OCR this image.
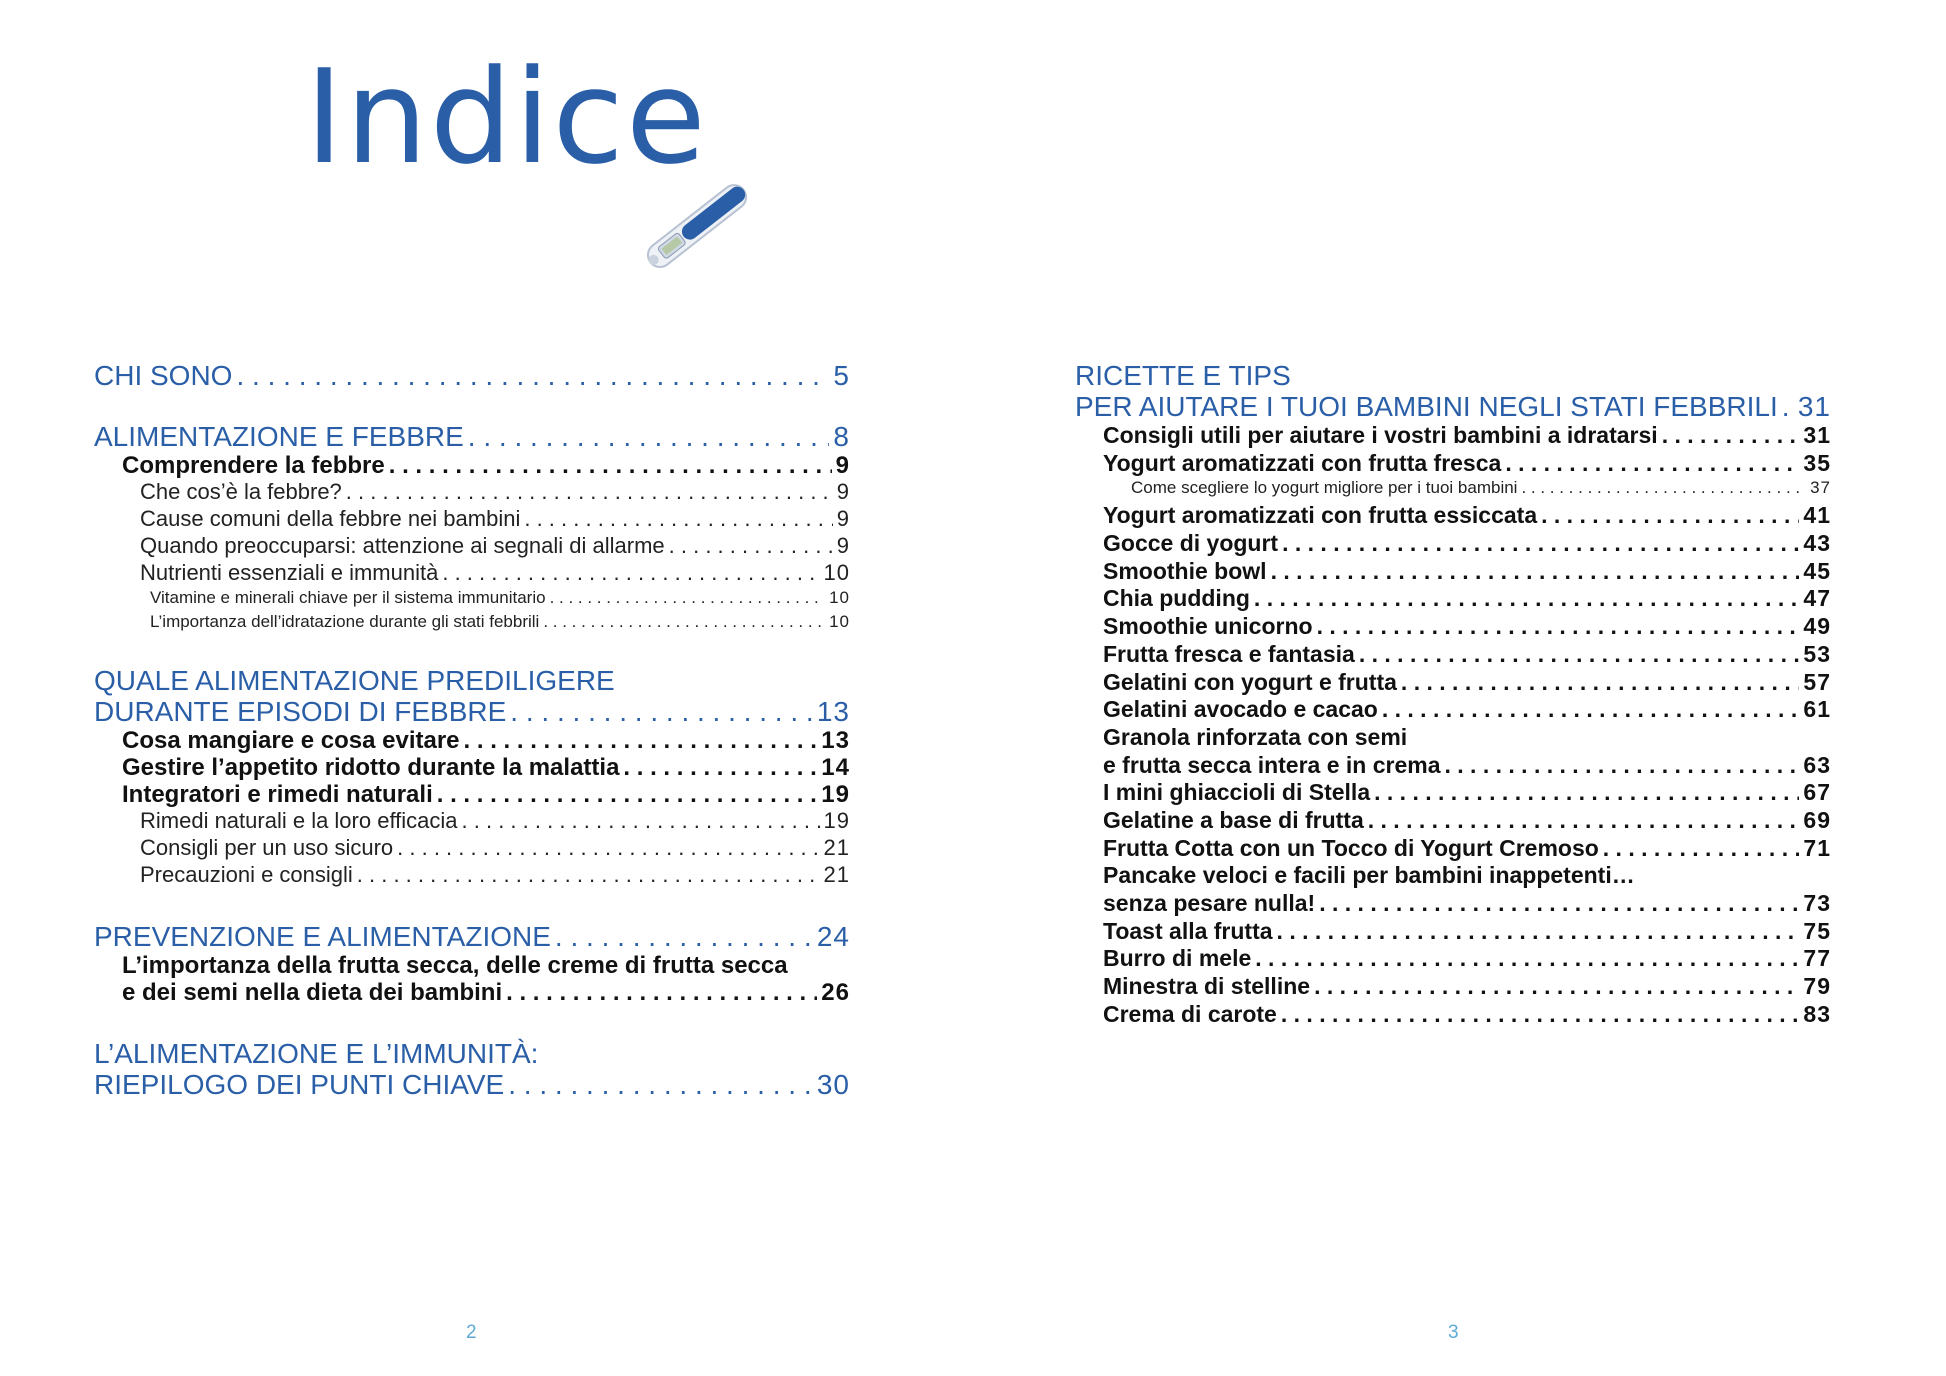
Indice
CHI SONO . . .	5
ALIMENTAZIONE E FEBBRE . . .	8
Comprendere la febbre . . .	9
Che cos’è la febbre? . . .	9
Cause comuni della febbre nei bambini . . .	9
Quando preoccuparsi: attenzione ai segnali di allarme . . .	9
Nutrienti essenziali e immunità . . .	10
Vitamine e minerali chiave per il sistema immunitario . . .	10
L’importanza dell’idratazione durante gli stati febbrili . . .	10
QUALE ALIMENTAZIONE PREDILIGERE
DURANTE EPISODI DI FEBBRE . . .	13
Cosa mangiare e cosa evitare . . .	13
Gestire l’appetito ridotto durante la malattia . . .	14
Integratori e rimedi naturali . . .	19
Rimedi naturali e la loro efficacia . . .	19
Consigli per un uso sicuro . . .	21
Precauzioni e consigli . . .	21
PREVENZIONE E ALIMENTAZIONE . . .	24
L’importanza della frutta secca, delle creme di frutta secca
e dei semi nella dieta dei bambini . . .	26
L’ALIMENTAZIONE E L’IMMUNITÀ:
RIEPILOGO DEI PUNTI CHIAVE . . .	30
RICETTE E TIPS
PER AIUTARE I TUOI BAMBINI NEGLI STATI FEBBRILI . . . 31
Consigli utili per aiutare i vostri bambini a idratarsi . . .	31
Yogurt aromatizzati con frutta fresca . . .	35
Come scegliere lo yogurt migliore per i tuoi bambini . . .	37
Yogurt aromatizzati con frutta essiccata . . .	41
Gocce di yogurt . . .	43
Smoothie bowl . . .	45
Chia pudding . . .	47
Smoothie unicorno . . .	49
Frutta fresca e fantasia . . .	53
Gelatini con yogurt e frutta . . .	57
Gelatini avocado e cacao . . .	61
Granola rinforzata con semi
e frutta secca intera e in crema . . .	63
I mini ghiaccioli di Stella . . .	67
Gelatine a base di frutta . . .	69
Frutta Cotta con un Tocco di Yogurt Cremoso . . .	71
Pancake veloci e facili per bambini inappetenti…
senza pesare nulla! . . .	73
Toast alla frutta . . .	75
Burro di mele . . .	77
Minestra di stelline . . .	79
Crema di carote . . .	83
2	3
